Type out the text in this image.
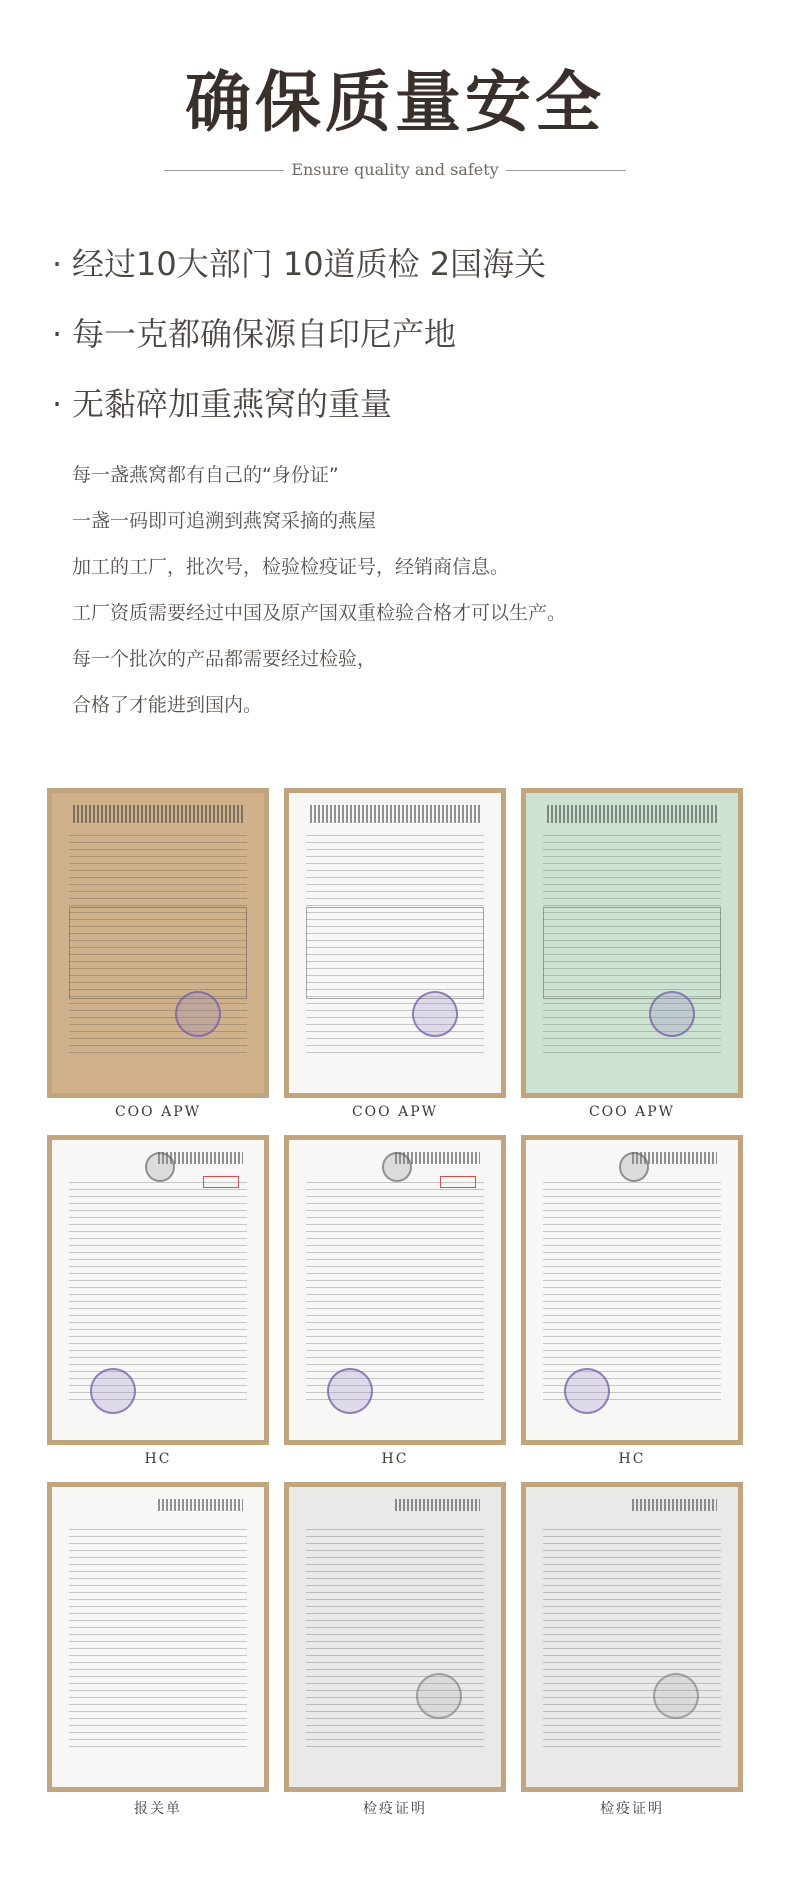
确保质量安全
Ensure quality and safety
· 经过10大部门 10道质检 2国海关
· 每一克都确保源自印尼产地
· 无黏碎加重燕窝的重量
每一盏燕窝都有自己的“身份证”
一盏一码即可追溯到燕窝采摘的燕屋
加工的工厂，批次号，检验检疫证号，经销商信息。
工厂资质需要经过中国及原产国双重检验合格才可以生产。
每一个批次的产品都需要经过检验，
合格了才能进到国内。
COO APW	COO APW	COO APW
HC	HC	HC
报关单	检疫证明	检疫证明
